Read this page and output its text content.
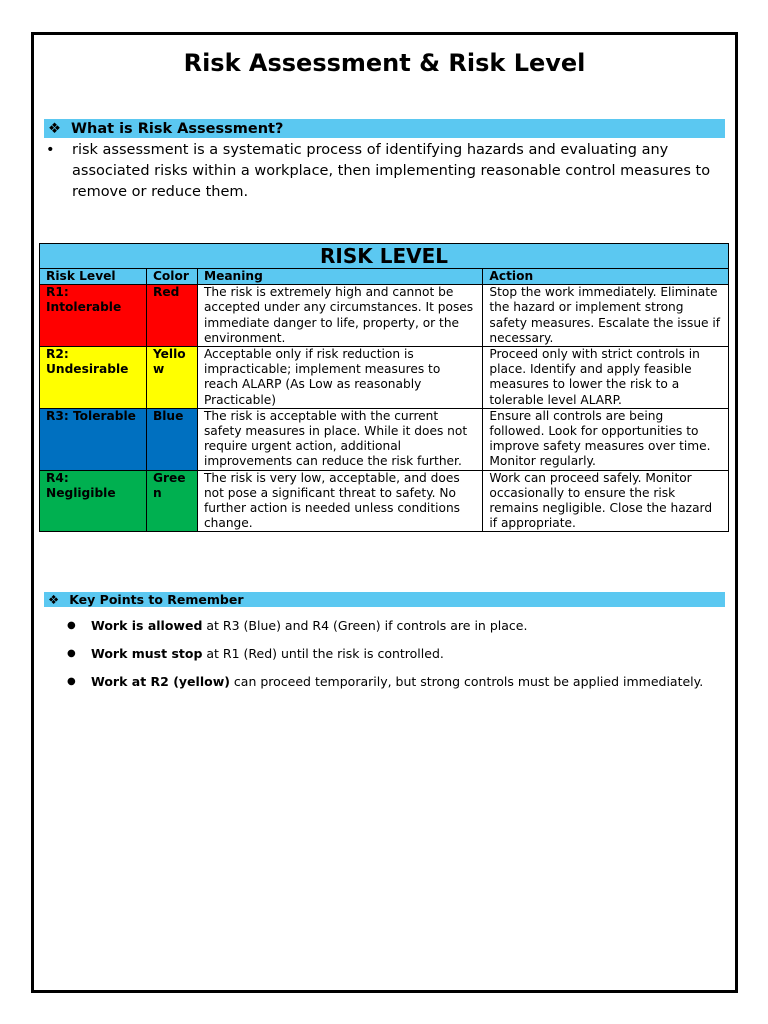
Risk Assessment & Risk Level
❖ What is Risk Assessment?
•	risk assessment is a systematic process of identifying hazards and evaluating any associated risks within a workplace, then implementing reasonable control measures to remove or reduce them.
RISK LEVEL			
Risk Level	Color	Meaning	Action
R1: Intolerable	Red	The risk is extremely high and cannot be accepted under any circumstances. It poses immediate danger to life, property, or the environment.	Stop the work immediately. Eliminate the hazard or implement strong safety measures. Escalate the issue if necessary.
R2: Undesirable	Yellow	Acceptable only if risk reduction is impracticable; implement measures to reach ALARP (As Low as reasonably Practicable)	Proceed only with strict controls in place. Identify and apply feasible measures to lower the risk to a tolerable level ALARP.
R3: Tolerable	Blue	The risk is acceptable with the current safety measures in place. While it does not require urgent action, additional improvements can reduce the risk further.	Ensure all controls are being followed. Look for opportunities to improve safety measures over time. Monitor regularly.
R4: Negligible	Green	The risk is very low, acceptable, and does not pose a significant threat to safety. No further action is needed unless conditions change.	Work can proceed safely. Monitor occasionally to ensure the risk remains negligible. Close the hazard if appropriate.
❖ Key Points to Remember
●	Work is allowed at R3 (Blue) and R4 (Green) if controls are in place.
●	Work must stop at R1 (Red) until the risk is controlled.
●	Work at R2 (yellow) can proceed temporarily, but strong controls must be applied immediately.
